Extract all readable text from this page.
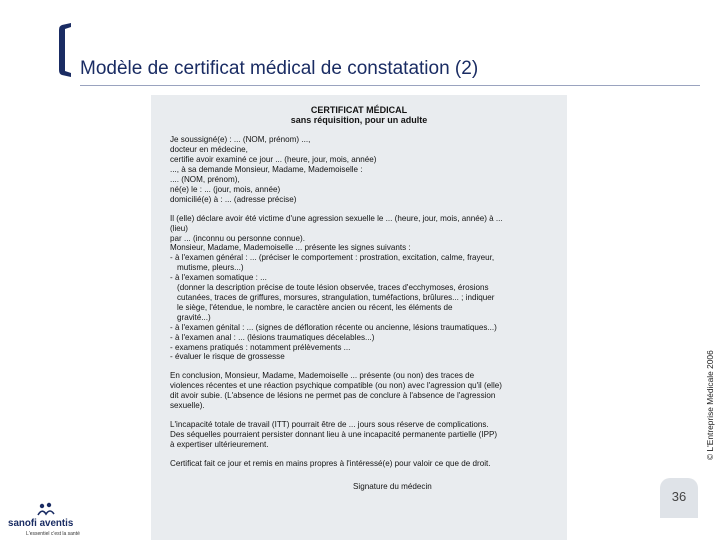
Modèle de certificat médical de constatation (2)
CERTIFICAT MÉDICAL
sans réquisition, pour un adulte
Je soussigné(e) : ... (NOM, prénom) ...,
docteur en médecine,
certifie avoir examiné ce jour ... (heure, jour, mois, année)
..., à sa demande Monsieur, Madame, Mademoiselle :
.... (NOM, prénom),
né(e) le : ... (jour, mois, année)
domicilié(e) à : ... (adresse précise)
Il (elle) déclare avoir été victime d'une agression sexuelle le ... (heure, jour, mois, année) à ...
(lieu)
par ... (inconnu ou personne connue).
Monsieur, Madame, Mademoiselle ... présente les signes suivants :
- à l'examen général : ... (préciser le comportement : prostration, excitation, calme, frayeur,
mutisme, pleurs...)
- à l'examen somatique : ...
(donner la description précise de toute lésion observée, traces d'ecchymoses, érosions
cutanées, traces de griffures, morsures, strangulation, tuméfactions, brûlures... ; indiquer
le siège, l'étendue, le nombre, le caractère ancien ou récent, les éléments de
gravité...)
- à l'examen génital : ... (signes de défloration récente ou ancienne, lésions traumatiques...)
- à l'examen anal : ... (lésions traumatiques décelables...)
- examens pratiqués : notamment prélèvements ...
- évaluer le risque de grossesse
En conclusion, Monsieur, Madame, Mademoiselle ... présente (ou non) des traces de
violences récentes et une réaction psychique compatible (ou non) avec l'agression qu'il (elle)
dit avoir subie. (L'absence de lésions ne permet pas de conclure à l'absence de l'agression
sexuelle).
L'incapacité totale de travail (ITT) pourrait être de ... jours sous réserve de complications.
Des séquelles pourraient persister donnant lieu à une incapacité permanente partielle (IPP)
à expertiser ultérieurement.
Certificat fait ce jour et remis en mains propres à l'intéressé(e) pour valoir ce que de droit.
Signature du médecin
© L'Entreprise Médicale 2006
36
sanofi aventis
L'essentiel c'est la santé
